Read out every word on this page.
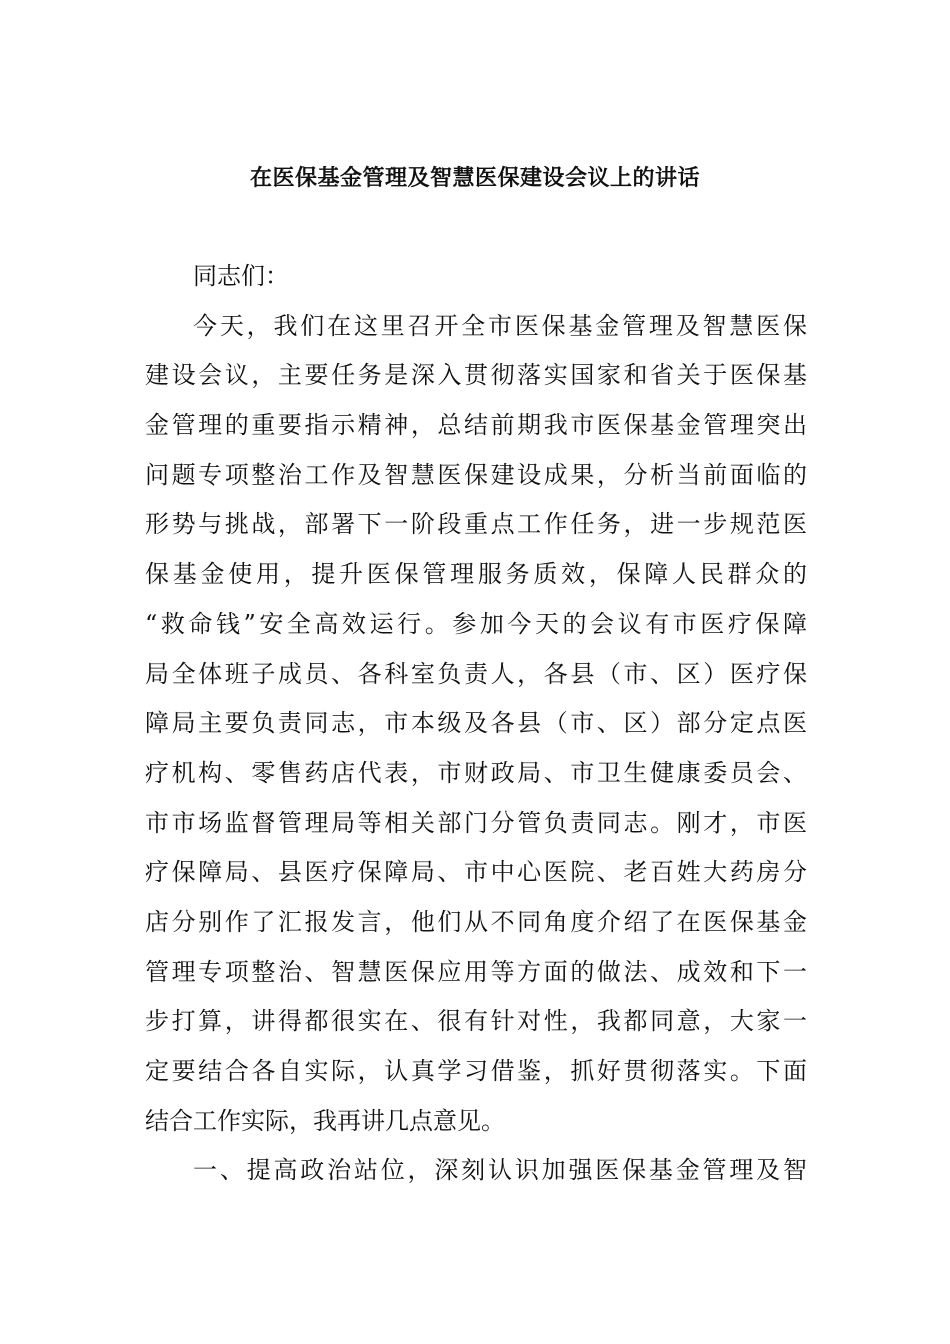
在医保基金管理及智慧医保建设会议上的讲话
同志们：
今天，我们在这里召开全市医保基金管理及智慧医保
建设会议，主要任务是深入贯彻落实国家和省关于医保基
金管理的重要指示精神，总结前期我市医保基金管理突出
问题专项整治工作及智慧医保建设成果，分析当前面临的
形势与挑战，部署下一阶段重点工作任务，进一步规范医
保基金使用，提升医保管理服务质效，保障人民群众的
“救命钱”安全高效运行。参加今天的会议有市医疗保障
局全体班子成员、各科室负责人，各县（市、区）医疗保
障局主要负责同志，市本级及各县（市、区）部分定点医
疗机构、零售药店代表，市财政局、市卫生健康委员会、
市市场监督管理局等相关部门分管负责同志。刚才，市医
疗保障局、县医疗保障局、市中心医院、老百姓大药房分
店分别作了汇报发言，他们从不同角度介绍了在医保基金
管理专项整治、智慧医保应用等方面的做法、成效和下一
步打算，讲得都很实在、很有针对性，我都同意，大家一
定要结合各自实际，认真学习借鉴，抓好贯彻落实。下面
结合工作实际，我再讲几点意见。
一、提高政治站位，深刻认识加强医保基金管理及智
